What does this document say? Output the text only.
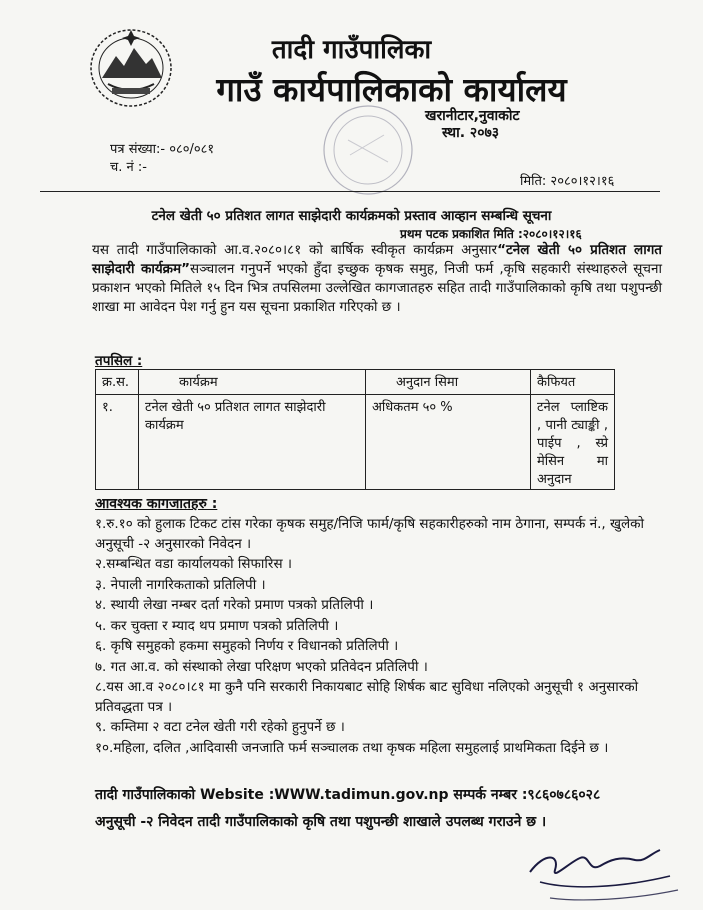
तादी गाउँपालिका
गाउँ कार्यपालिकाको कार्यालय
खरानीटार,नुवाकोट
स्था. २०७३
पत्र संख्या:- ०८०/०८१
च. नं :-
मिति: २०८०।१२।१६
टनेल खेती ५० प्रतिशत लागत साझेदारी कार्यक्रमको प्रस्ताव आव्हान सम्बन्धि सूचना
प्रथम पटक प्रकाशित मिति :२०८०।१२।१६
यस तादी गाउँपालिकाको आ.व.२०८०।८१ को बार्षिक स्वीकृत कार्यक्रम अनुसार“टनेल खेती ५० प्रतिशत लागत साझेदारी कार्यक्रम”सञ्चालन गनुपर्ने भएको हुँदा इच्छुक कृषक समुह, निजी फर्म ,कृषि सहकारी संस्थाहरुले सूचना प्रकाशन भएको मितिले १५ दिन भित्र तपसिलमा उल्लेखित कागजातहरु सहित तादी गाउँपालिकाको कृषि तथा पशुपन्छी शाखा मा आवेदन पेश गर्नु हुन यस सूचना प्रकाशित गरिएको छ ।
तपसिल :
क्र.स.	कार्यक्रम	अनुदान सिमा	कैफियत
१.	टनेल खेती ५० प्रतिशत लागत साझेदारी कार्यक्रम	अधिकतम ५० %	टनेल प्लाष्टिक , पानी ट्याङ्की , पाईप , स्प्रे मेसिन मा अनुदान
आवश्यक कागजातहरु :
१.रु.१० को हुलाक टिकट टांस गरेका कृषक समुह/निजि फार्म/कृषि सहकारीहरुको नाम ठेगाना, सम्पर्क नं., खुलेको अनुसूची -२ अनुसारको निवेदन ।
२.सम्बन्धित वडा कार्यालयको सिफारिस ।
३. नेपाली नागरिकताको प्रतिलिपी ।
४. स्थायी लेखा नम्बर दर्ता गरेको प्रमाण पत्रको प्रतिलिपी ।
५. कर चुक्ता र म्याद थप प्रमाण पत्रको प्रतिलिपी ।
६. कृषि समुहको हकमा समुहको निर्णय र विधानको प्रतिलिपी ।
७. गत आ.व. को संस्थाको लेखा परिक्षण भएको प्रतिवेदन प्रतिलिपी ।
८.यस आ.व २०८०।८१ मा कुनै पनि सरकारी निकायबाट सोहि शिर्षक बाट सुविधा नलिएको अनुसूची १ अनुसारको प्रतिवद्धता पत्र ।
९. कम्तिमा २ वटा टनेल खेती गरी रहेको हुनुपर्ने छ ।
१०.महिला, दलित ,आदिवासी जनजाति फर्म सञ्चालक तथा कृषक महिला समुहलाई प्राथमिकता दिईने छ ।
तादी गाउँपालिकाको Website :WWW.tadimun.gov.np सम्पर्क नम्बर :९८६०७८६०२८
अनुसूची -२ निवेदन तादी गाउँपालिकाको कृषि तथा पशुपन्छी शाखाले उपलब्ध गराउने छ ।
